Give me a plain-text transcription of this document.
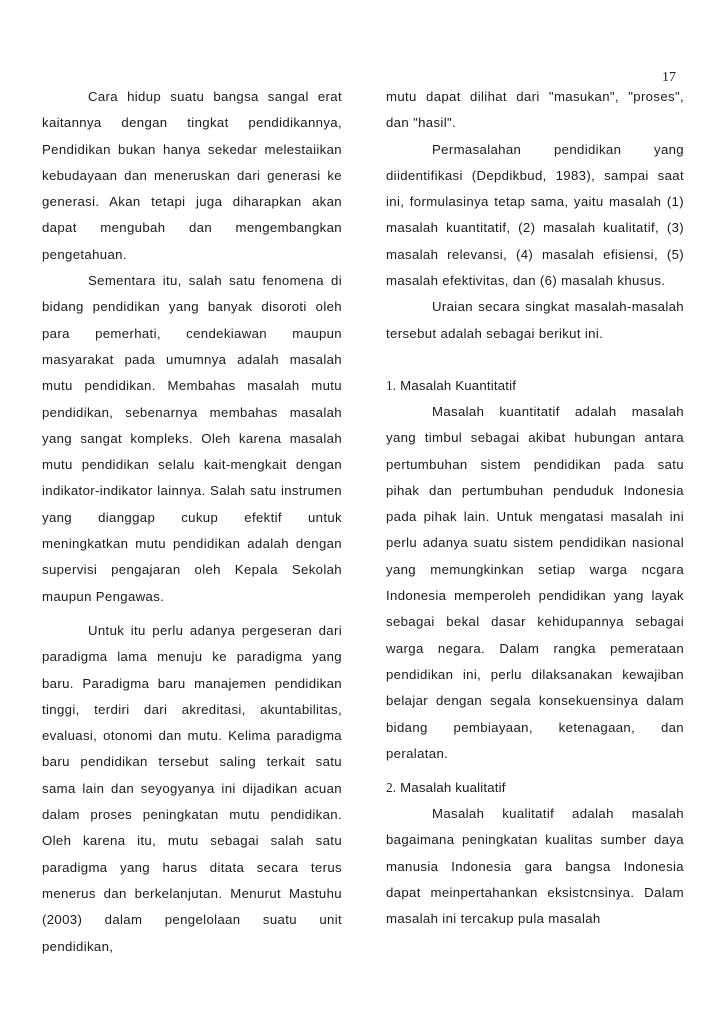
17

Cara hidup suatu bangsa sangal erat kaitannya dengan tingkat pendidikannya, Pendidikan bukan hanya sekedar melestaiikan kebudayaan dan meneruskan dari generasi ke generasi. Akan tetapi juga diharapkan akan dapat mengubah dan mengembangkan pengetahuan.

Sementara itu, salah satu fenomena di bidang pendidikan yang banyak disoroti oleh para pemerhati, cendekiawan maupun masyarakat pada umumnya adalah masalah mutu pendidikan. Membahas masalah mutu pendidikan, sebenarnya membahas masalah yang sangat kompleks. Oleh karena masalah mutu pendidikan selalu kait-mengkait dengan indikator-indikator lainnya. Salah satu instrumen yang dianggap cukup efektif untuk meningkatkan mutu pendidikan adalah dengan supervisi pengajaran oleh Kepala Sekolah maupun Pengawas.

Untuk itu perlu adanya pergeseran dari paradigma lama menuju ke paradigma yang baru. Paradigma baru manajemen pendidikan tinggi, terdiri dari akreditasi, akuntabilitas, evaluasi, otonomi dan mutu. Kelima paradigma baru pendidikan tersebut saling terkait satu sama lain dan seyogyanya ini dijadikan acuan dalam proses peningkatan mutu pendidikan. Oleh karena itu, mutu sebagai salah satu paradigma yang harus ditata secara terus menerus dan berkelanjutan. Menurut Mastuhu (2003) dalam pengelolaan suatu unit pendidikan,

mutu dapat dilihat dari "masukan", "proses", dan "hasil".

Permasalahan pendidikan yang diidentifikasi (Depdikbud, 1983), sampai saat ini, formulasinya tetap sama, yaitu masalah (1) masalah kuantitatif, (2) masalah kualitatif, (3) masalah relevansi, (4) masalah efisiensi, (5) masalah efektivitas, dan (6) masalah khusus.

Uraian secara singkat masalah-masalah tersebut adalah sebagai berikut ini.

1. Masalah Kuantitatif

Masalah kuantitatif adalah masalah yang timbul sebagai akibat hubungan antara pertumbuhan sistem pendidikan pada satu pihak dan pertumbuhan penduduk Indonesia pada pihak lain. Untuk mengatasi masalah ini perlu adanya suatu sistem pendidikan nasional yang memungkinkan setiap warga ncgara Indonesia memperoleh pendidikan yang layak sebagai bekal dasar kehidupannya sebagai warga negara. Dalam rangka pemerataan pendidikan ini, perlu dilaksanakan kewajiban belajar dengan segala konsekuensinya dalam bidang pembiayaan, ketenagaan, dan peralatan.

2. Masalah kualitatif

Masalah kualitatif adalah masalah bagaimana peningkatan kualitas sumber daya manusia Indonesia gara bangsa Indonesia dapat meinpertahankan eksistcnsinya. Dalam masalah ini tercakup pula masalah
